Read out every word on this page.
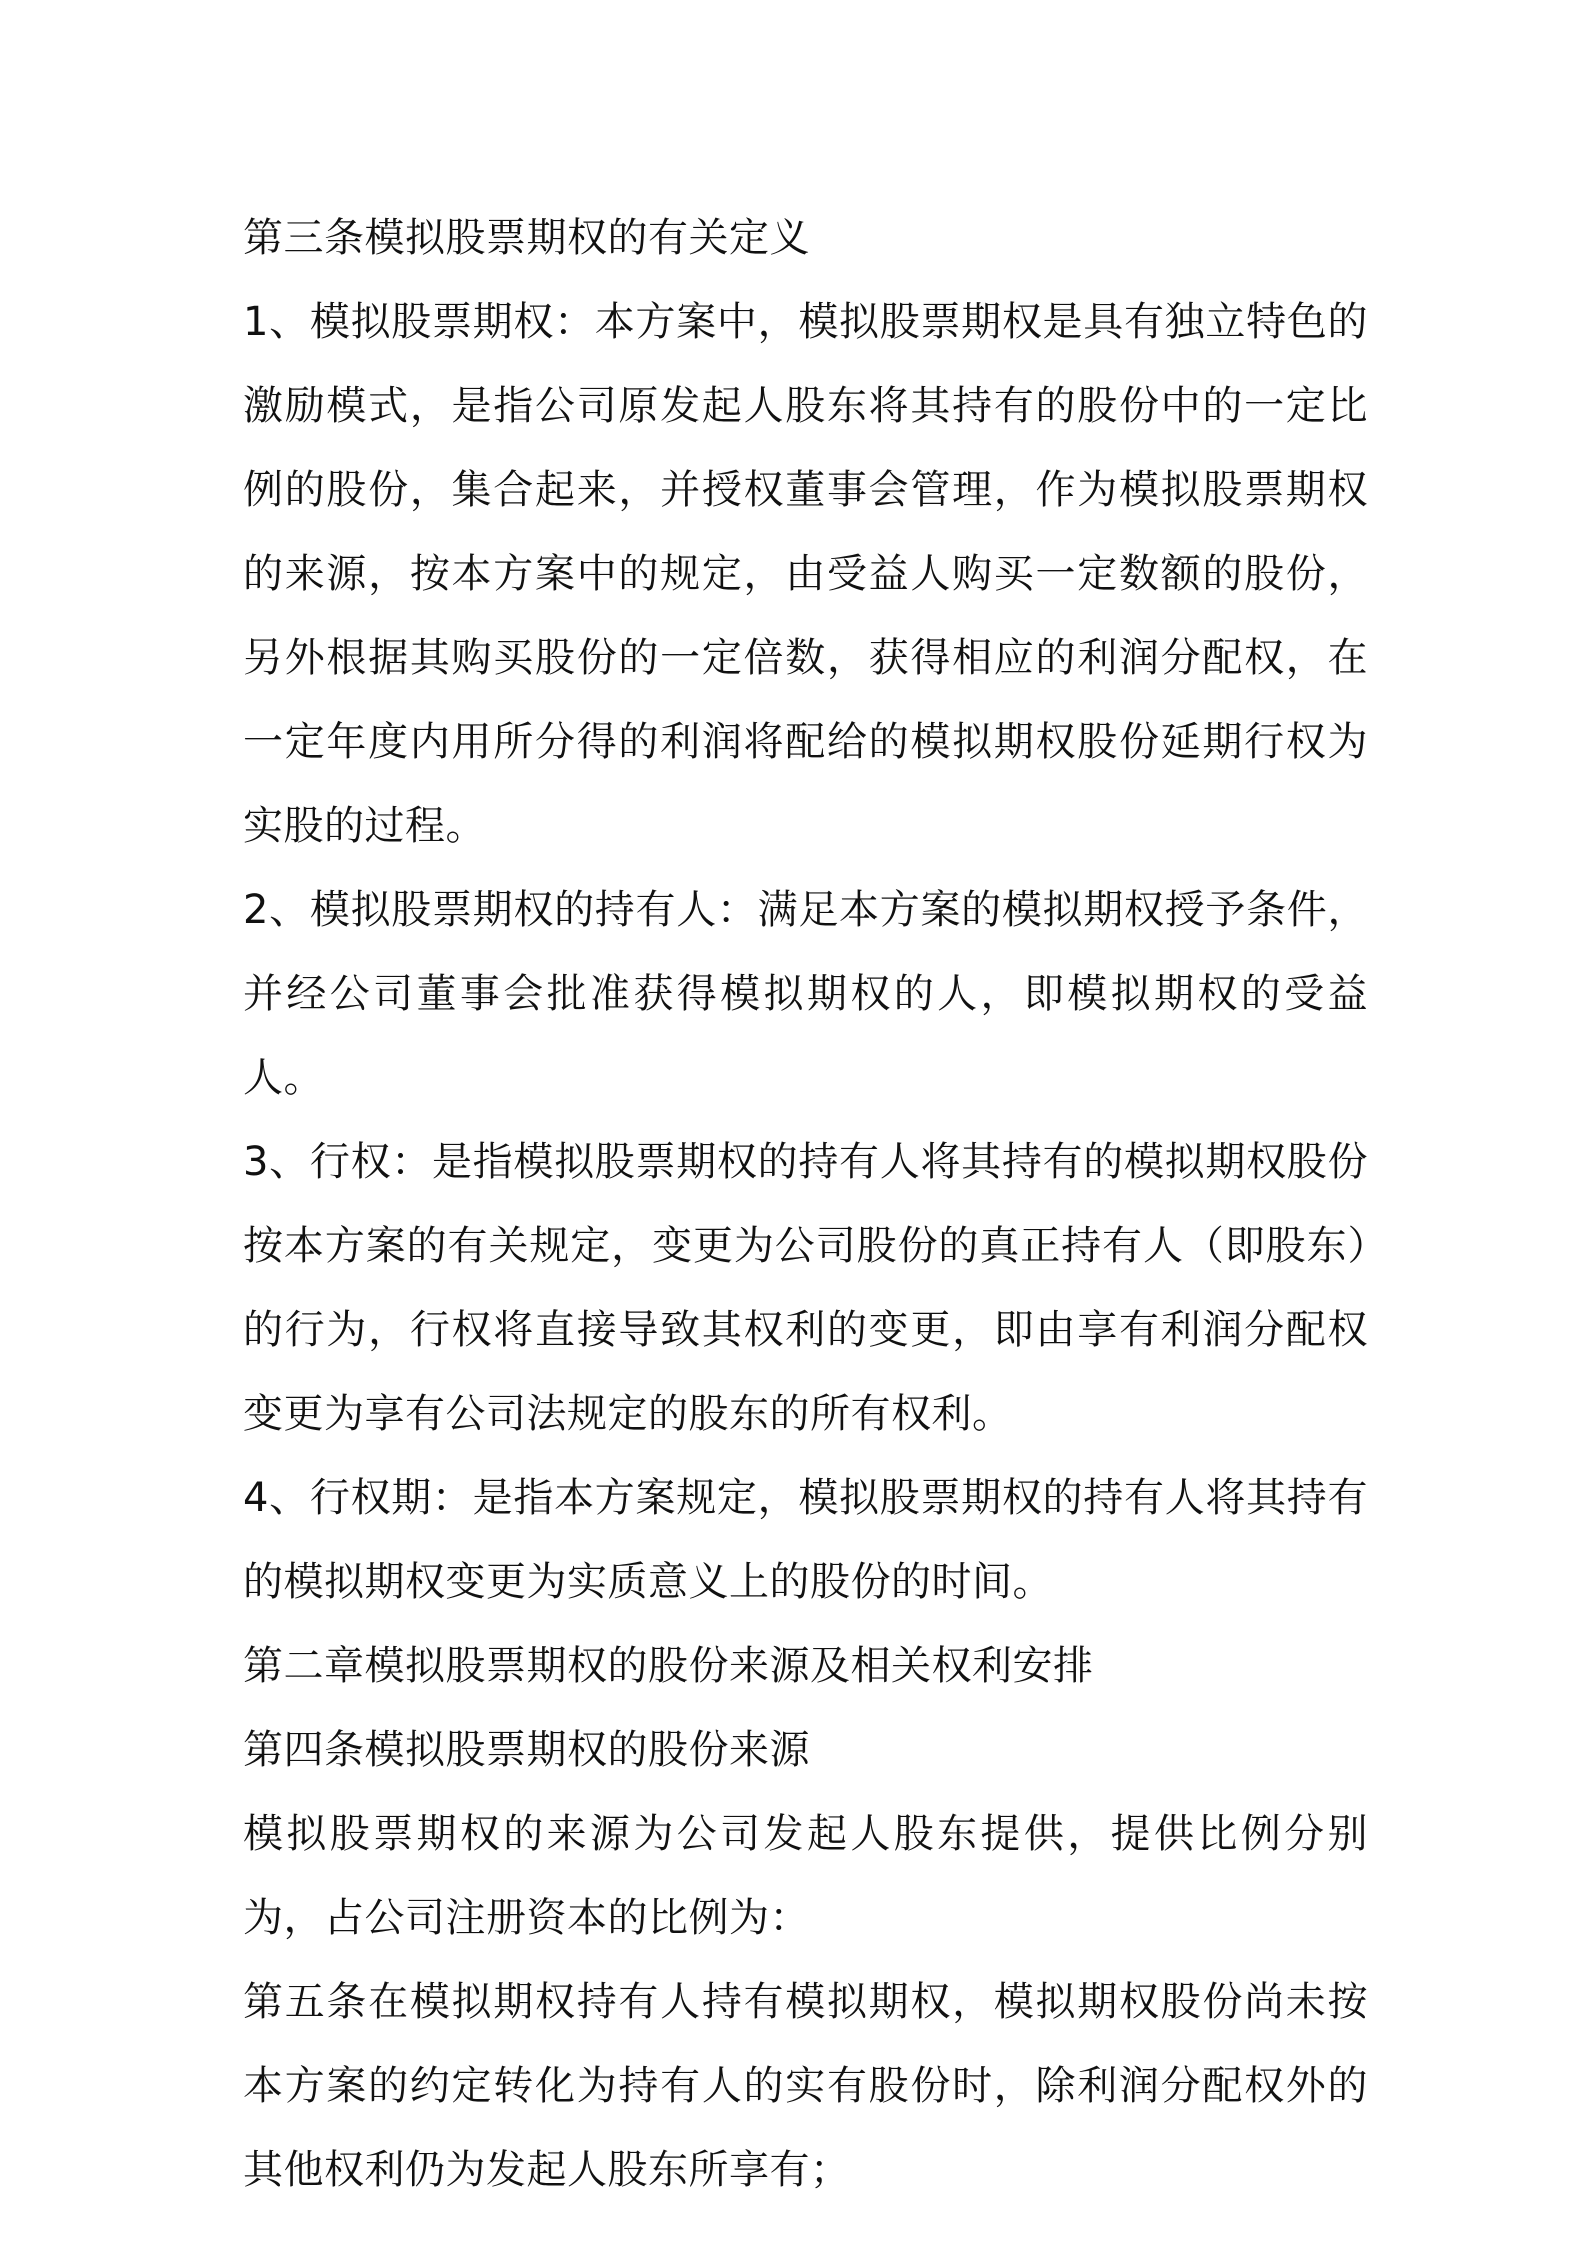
第三条模拟股票期权的有关定义

1、模拟股票期权：本方案中，模拟股票期权是具有独立特色的激励模式，是指公司原发起人股东将其持有的股份中的一定比例的股份，集合起来，并授权董事会管理，作为模拟股票期权的来源，按本方案中的规定，由受益人购买一定数额的股份，另外根据其购买股份的一定倍数，获得相应的利润分配权，在一定年度内用所分得的利润将配给的模拟期权股份延期行权为实股的过程。

2、模拟股票期权的持有人：满足本方案的模拟期权授予条件，并经公司董事会批准获得模拟期权的人，即模拟期权的受益人。

3、行权：是指模拟股票期权的持有人将其持有的模拟期权股份按本方案的有关规定，变更为公司股份的真正持有人（即股东）的行为，行权将直接导致其权利的变更，即由享有利润分配权变更为享有公司法规定的股东的所有权利。

4、行权期：是指本方案规定，模拟股票期权的持有人将其持有的模拟期权变更为实质意义上的股份的时间。

第二章模拟股票期权的股份来源及相关权利安排

第四条模拟股票期权的股份来源

模拟股票期权的来源为公司发起人股东提供，提供比例分别为，占公司注册资本的比例为：

第五条在模拟期权持有人持有模拟期权，模拟期权股份尚未按本方案的约定转化为持有人的实有股份时，除利润分配权外的其他权利仍为发起人股东所享有；
